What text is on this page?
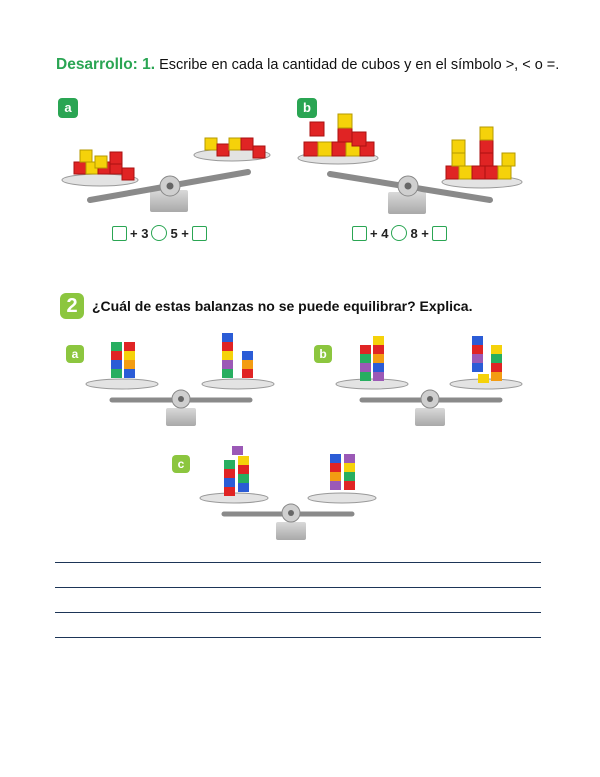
Desarrollo: 1. Escribe en cada la cantidad de cubos y en el símbolo >, < o =.
a	b
+ 3 5 +	+ 4 8 +
2	¿Cuál de estas balanzas no se puede equilibrar? Explica.
a	b
c
